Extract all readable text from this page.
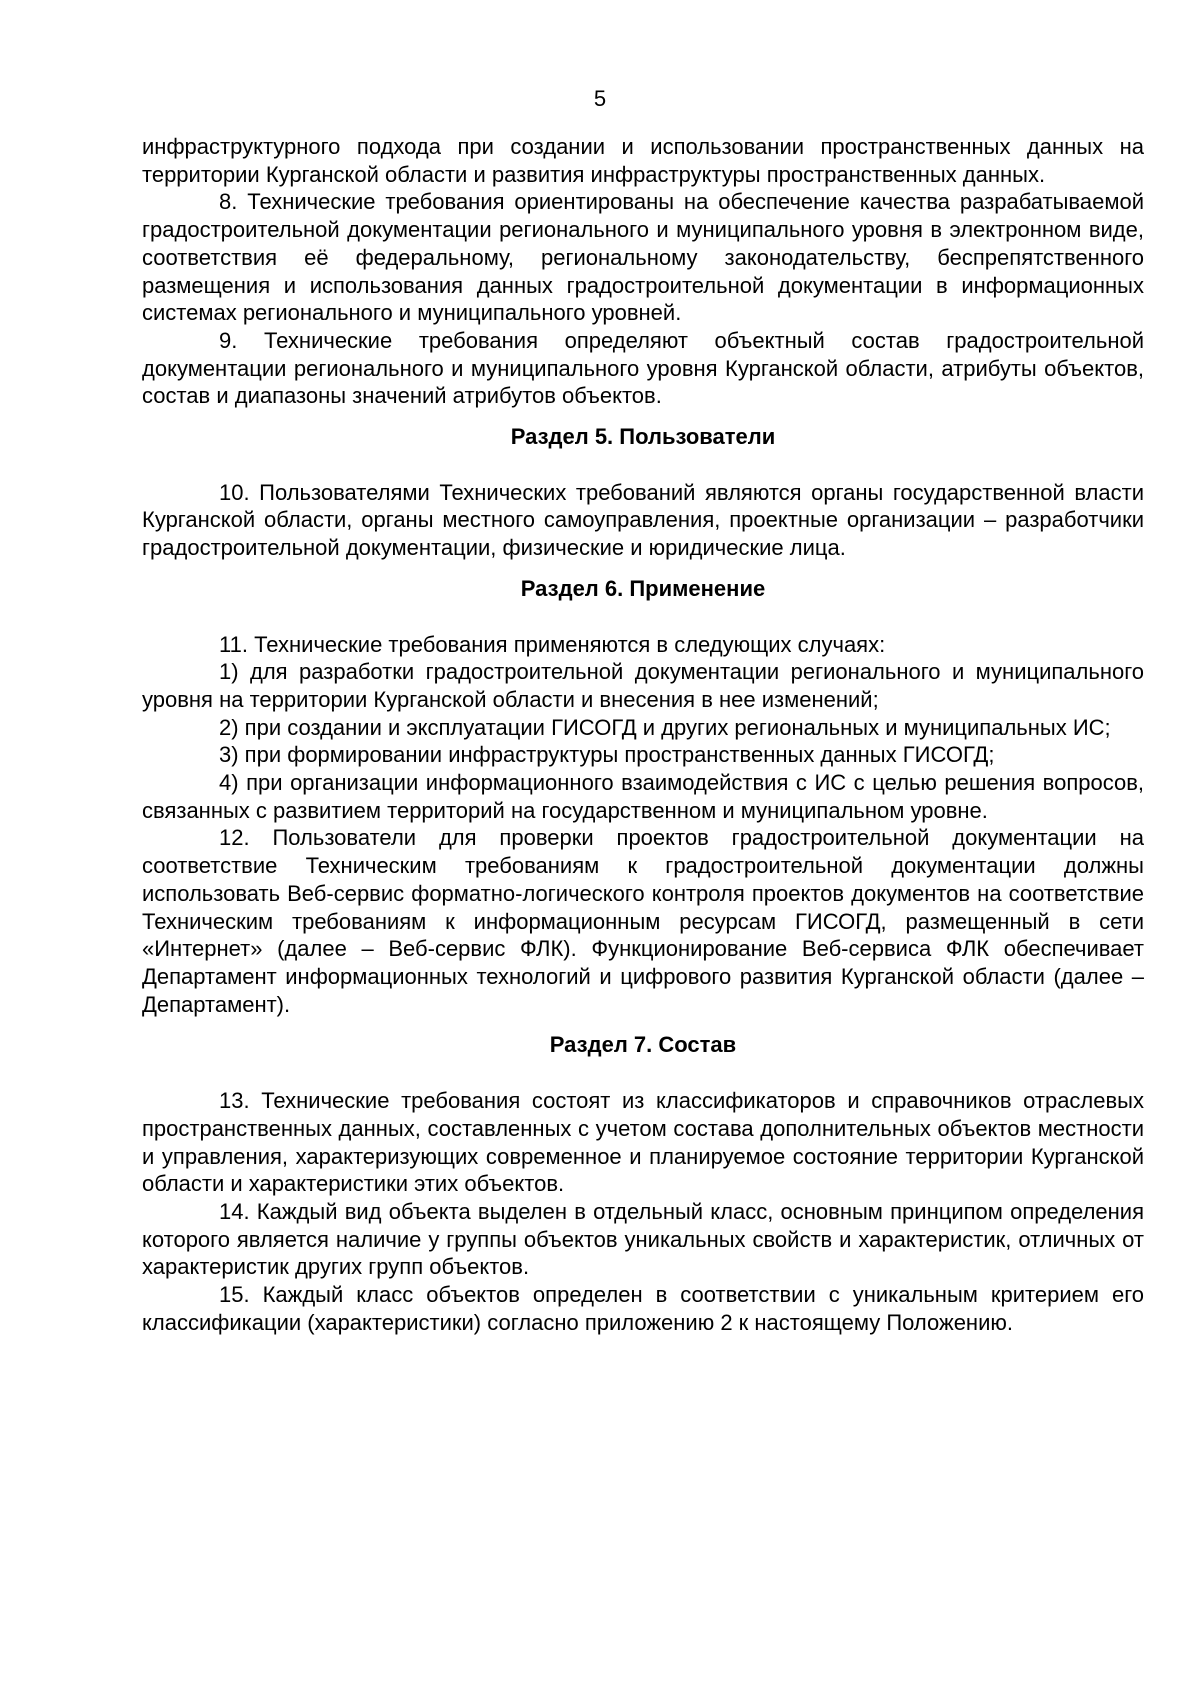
5

инфраструктурного подхода при создании и использовании пространственных данных на территории Курганской области и развития инфраструктуры пространственных данных.

8. Технические требования ориентированы на обеспечение качества разрабатываемой градостроительной документации регионального и муниципального уровня в электронном виде, соответствия её федеральному, региональному законодательству, беспрепятственного размещения и использования данных градостроительной документации в информационных системах регионального и муниципального уровней.

9. Технические требования определяют объектный состав градостроительной документации регионального и муниципального уровня Курганской области, атрибуты объектов, состав и диапазоны значений атрибутов объектов.

Раздел 5. Пользователи

10. Пользователями Технических требований являются органы государственной власти Курганской области, органы местного самоуправления, проектные организации – разработчики градостроительной документации, физические и юридические лица.

Раздел 6. Применение

11. Технические требования применяются в следующих случаях:

1) для разработки градостроительной документации регионального и муниципального уровня на территории Курганской области и внесения в нее изменений;

2) при создании и эксплуатации ГИСОГД и других региональных и муниципальных ИС;

3) при формировании инфраструктуры пространственных данных ГИСОГД;

4) при организации информационного взаимодействия с ИС с целью решения вопросов, связанных с развитием территорий на государственном и муниципальном уровне.

12. Пользователи для проверки проектов градостроительной документации на соответствие Техническим требованиям к градостроительной документации должны использовать Веб-сервис форматно-логического контроля проектов документов на соответствие Техническим требованиям к информационным ресурсам ГИСОГД, размещенный в сети «Интернет» (далее – Веб-сервис ФЛК). Функционирование Веб-сервиса ФЛК обеспечивает Департамент информационных технологий и цифрового развития Курганской области (далее – Департамент).

Раздел 7. Состав

13. Технические требования состоят из классификаторов и справочников отраслевых пространственных данных, составленных с учетом состава дополнительных объектов местности и управления, характеризующих современное и планируемое состояние территории Курганской области и характеристики этих объектов.

14. Каждый вид объекта выделен в отдельный класс, основным принципом определения которого является наличие у группы объектов уникальных свойств и характеристик, отличных от характеристик других групп объектов.

15. Каждый класс объектов определен в соответствии с уникальным критерием его классификации (характеристики) согласно приложению 2 к настоящему Положению.
